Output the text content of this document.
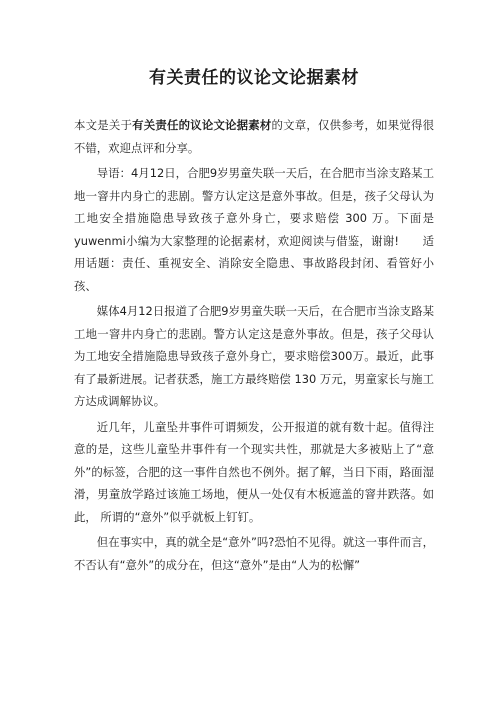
有关责任的议论文论据素材

本文是关于有关责任的议论文论据素材的文章，仅供参考，如果觉得很不错，欢迎点评和分享。

导语：4月12日，合肥9岁男童失联一天后，在合肥市当涂支路某工地一窨井内身亡的悲剧。警方认定这是意外事故。但是，孩子父母认为工地安全措施隐患导致孩子意外身亡，要求赔偿 300 万。下面是yuwenmi小编为大家整理的论据素材，欢迎阅读与借鉴，谢谢!　　适用话题：责任、重视安全、消除安全隐患、事故路段封闭、看管好小孩、

媒体4月12日报道了合肥9岁男童失联一天后，在合肥市当涂支路某工地一窨井内身亡的悲剧。警方认定这是意外事故。但是，孩子父母认为工地安全措施隐患导致孩子意外身亡，要求赔偿300万。最近，此事有了最新进展。记者获悉，施工方最终赔偿 130 万元，男童家长与施工方达成调解协议。

近几年，儿童坠井事件可谓频发，公开报道的就有数十起。值得注意的是，这些儿童坠井事件有一个现实共性，那就是大多被贴上了“意外”的标签，合肥的这一事件自然也不例外。据了解，当日下雨，路面湿滑，男童放学路过该施工场地，便从一处仅有木板遮盖的窨井跌落。如此， 所谓的“意外”似乎就板上钉钉。

但在事实中，真的就全是“意外”吗?恐怕不见得。就这一事件而言，不否认有“意外”的成分在，但这“意外”是由“人为的松懈”
